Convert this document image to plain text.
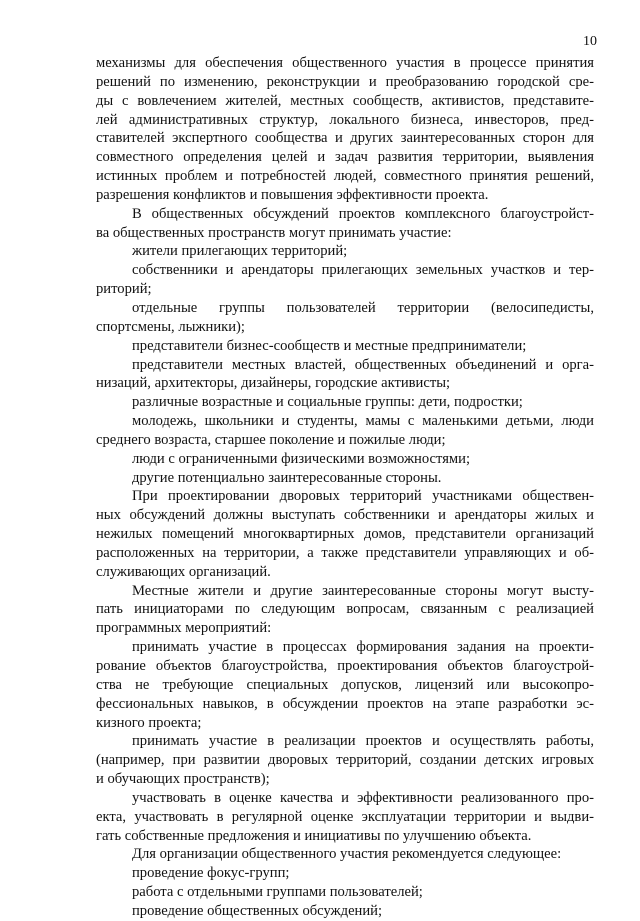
10

механизмы для обеспечения общественного участия в процессе принятия

решений по изменению, реконструкции и преобразованию городской сре-

ды с вовлечением жителей, местных сообществ, активистов, представите-

лей административных структур, локального бизнеса, инвесторов, пред-

ставителей экспертного сообщества и других заинтересованных сторон для

совместного определения целей и задач развития территории, выявления

истинных проблем и потребностей людей, совместного принятия решений,

разрешения конфликтов и повышения эффективности проекта.

В общественных обсуждений проектов комплексного благоустройст-

ва общественных пространств могут принимать участие:

жители прилегающих территорий;

собственники и арендаторы прилегающих земельных участков и тер-

риторий;

отдельные группы пользователей территории (велосипедисты,

спортсмены, лыжники);

представители бизнес-сообществ и местные предприниматели;

представители местных властей, общественных объединений и орга-

низаций, архитекторы, дизайнеры, городские активисты;

различные возрастные и социальные группы: дети, подростки;

молодежь, школьники и студенты, мамы с маленькими детьми, люди

среднего возраста, старшее поколение и пожилые люди;

люди с ограниченными физическими возможностями;

другие потенциально заинтересованные стороны.

При проектировании дворовых территорий участниками обществен-

ных обсуждений должны выступать собственники и арендаторы жилых и

нежилых помещений многоквартирных домов, представители организаций

расположенных на территории, а также представители управляющих и об-

служивающих организаций.

Местные жители и другие заинтересованные стороны могут высту-

пать инициаторами по следующим вопросам, связанным с реализацией

программных мероприятий:

принимать участие в процессах формирования задания на проекти-

рование объектов благоустройства, проектирования объектов благоустрой-

ства не требующие специальных допусков, лицензий или высокопро-

фессиональных навыков, в обсуждении проектов на этапе разработки эс-

кизного проекта;

принимать участие в реализации проектов и осуществлять работы,

(например, при развитии дворовых территорий, создании детских игровых

и обучающих пространств);

участвовать в оценке качества и эффективности реализованного про-

екта, участвовать в регулярной оценке эксплуатации территории и выдви-

гать собственные предложения и инициативы по улучшению объекта.

Для организации общественного участия рекомендуется следующее:

проведение фокус-групп;

работа с отдельными группами пользователей;

проведение общественных обсуждений;
